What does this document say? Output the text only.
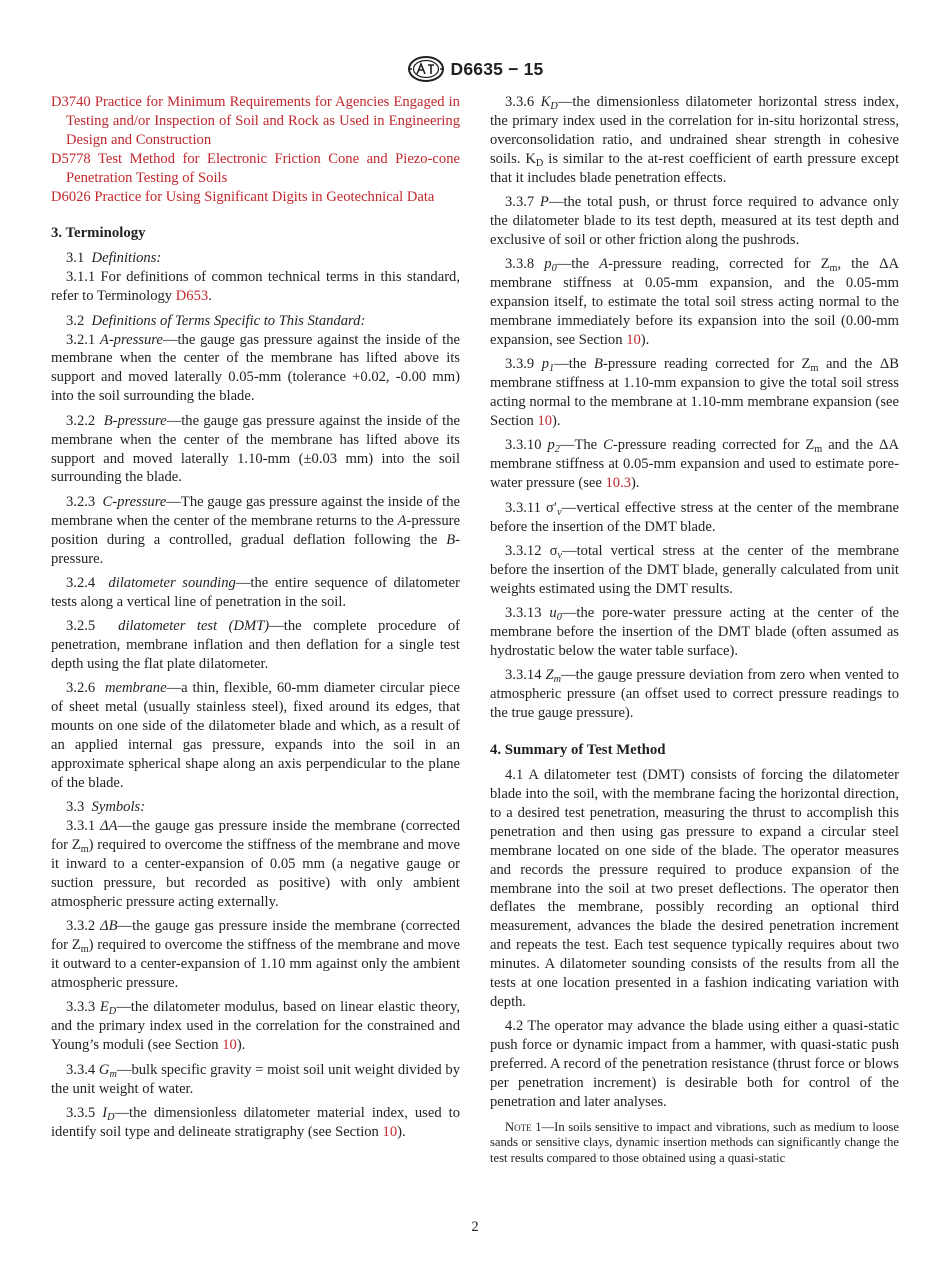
D6635 − 15

D3740 Practice for Minimum Requirements for Agencies Engaged in Testing and/or Inspection of Soil and Rock as Used in Engineering Design and Construction

D5778 Test Method for Electronic Friction Cone and Piezo-cone Penetration Testing of Soils

D6026 Practice for Using Significant Digits in Geotechnical Data

3. Terminology

3.1 Definitions:

3.1.1 For definitions of common technical terms in this standard, refer to Terminology D653.

3.2 Definitions of Terms Specific to This Standard:

3.2.1 A-pressure—the gauge gas pressure against the inside of the membrane when the center of the membrane has lifted above its support and moved laterally 0.05-mm (tolerance +0.02, -0.00 mm) into the soil surrounding the blade.

3.2.2 B-pressure—the gauge gas pressure against the inside of the membrane when the center of the membrane has lifted above its support and moved laterally 1.10-mm (±0.03 mm) into the soil surrounding the blade.

3.2.3 C-pressure—The gauge gas pressure against the inside of the membrane when the center of the membrane returns to the A-pressure position during a controlled, gradual deflation following the B-pressure.

3.2.4 dilatometer sounding—the entire sequence of dilatometer tests along a vertical line of penetration in the soil.

3.2.5 dilatometer test (DMT)—the complete procedure of penetration, membrane inflation and then deflation for a single test depth using the flat plate dilatometer.

3.2.6 membrane—a thin, flexible, 60-mm diameter circular piece of sheet metal (usually stainless steel), fixed around its edges, that mounts on one side of the dilatometer blade and which, as a result of an applied internal gas pressure, expands into the soil in an approximate spherical shape along an axis perpendicular to the plane of the blade.

3.3 Symbols:

3.3.1 ΔA—the gauge gas pressure inside the membrane (corrected for $Z_m$) required to overcome the stiffness of the membrane and move it inward to a center-expansion of 0.05 mm (a negative gauge or suction pressure, but recorded as positive) with only ambient atmospheric pressure acting externally.

3.3.2 ΔB—the gauge gas pressure inside the membrane (corrected for $Z_m$) required to overcome the stiffness of the membrane and move it outward to a center-expansion of 1.10 mm against only the ambient atmospheric pressure.

3.3.3 $E_D—the$ dilatometer modulus, based on linear elastic theory, and the primary index used in the correlation for the constrained and Young’s moduli (see Section 10).

3.3.4 $G_m—bulk$ specific gravity = moist soil unit weight divided by the unit weight of water.

3.3.5 $I_D—the$ dimensionless dilatometer material index, used to identify soil type and delineate stratigraphy (see Section 10).

3.3.6 $K_D—the$ dimensionless dilatometer horizontal stress index, the primary index used in the correlation for in-situ horizontal stress, overconsolidation ratio, and undrained shear strength in cohesive soils. $K_D$ is similar to the at-rest coefficient of earth pressure except that it includes blade penetration effects.

3.3.7 P—the total push, or thrust force required to advance only the dilatometer blade to its test depth, measured at its test depth and exclusive of soil or other friction along the pushrods.

3.3.8 $p_0—the$ A-pressure reading, corrected for $Z_m$, the ΔA membrane stiffness at 0.05-mm expansion, and the 0.05-mm expansion itself, to estimate the total soil stress acting normal to the membrane immediately before its expansion into the soil (0.00-mm expansion, see Section 10).

3.3.9 $p_1—the$ B-pressure reading corrected for $Z_m$ and the ΔB membrane stiffness at 1.10-mm expansion to give the total soil stress acting normal to the membrane at 1.10-mm membrane expansion (see Section 10).

3.3.10 $p_2—The$ C-pressure reading corrected for $Z_m$ and the ΔA membrane stiffness at 0.05-mm expansion and used to estimate pore-water pressure (see 10.3).

3.3.11 $\sigma'_v—vertical$ effective stress at the center of the membrane before the insertion of the DMT blade.

3.3.12 $\sigma_v—total$ vertical stress at the center of the membrane before the insertion of the DMT blade, generally calculated from unit weights estimated using the DMT results.

3.3.13 $u_0—the$ pore-water pressure acting at the center of the membrane before the insertion of the DMT blade (often assumed as hydrostatic below the water table surface).

3.3.14 $Z_m—the$ gauge pressure deviation from zero when vented to atmospheric pressure (an offset used to correct pressure readings to the true gauge pressure).

4. Summary of Test Method

4.1 A dilatometer test (DMT) consists of forcing the dilatometer blade into the soil, with the membrane facing the horizontal direction, to a desired test penetration, measuring the thrust to accomplish this penetration and then using gas pressure to expand a circular steel membrane located on one side of the blade. The operator measures and records the pressure required to produce expansion of the membrane into the soil at two preset deflections. The operator then deflates the membrane, possibly recording an optional third measurement, advances the blade the desired penetration increment and repeats the test. Each test sequence typically requires about two minutes. A dilatometer sounding consists of the results from all the tests at one location presented in a fashion indicating variation with depth.

4.2 The operator may advance the blade using either a quasi-static push force or dynamic impact from a hammer, with quasi-static push preferred. A record of the penetration resistance (thrust force or blows per penetration increment) is desirable both for control of the penetration and later analyses.

Note 1—In soils sensitive to impact and vibrations, such as medium to loose sands or sensitive clays, dynamic insertion methods can significantly change the test results compared to those obtained using a quasi-static

2
